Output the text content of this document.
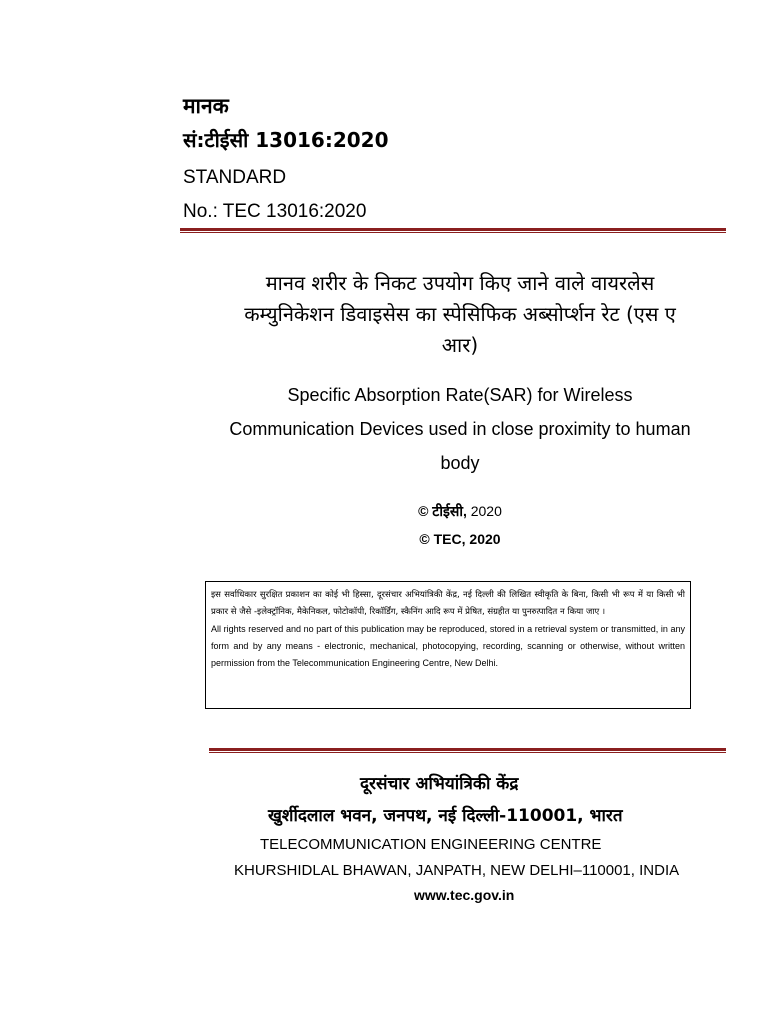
मानक
सं:टीईसी 13016:2020
STANDARD
No.: TEC 13016:2020
मानव शरीर के निकट उपयोग किए जाने वाले वायरलेस
कम्युनिकेशन डिवाइसेस का स्पेसिफिक अब्सोर्प्शन रेट (एस ए
आर)
Specific Absorption Rate(SAR) for Wireless
Communication Devices used in close proximity to human
body
© टीईसी, 2020
© TEC, 2020

इस सर्वाधिकार सुरक्षित प्रकाशन का कोई भी हिस्सा, दूरसंचार अभियांत्रिकी केंद्र, नई दिल्ली की लिखित स्वीकृति के बिना, किसी भी रूप में या किसी भी प्रकार से जैसे -इलेक्ट्रॉनिक, मैकेनिकल, फोटोकॉपी, रिकॉर्डिंग, स्कैनिंग आदि रूप में प्रेषित, संग्रहीत या पुनरुत्पादित न किया जाए ।

All rights reserved and no part of this publication may be reproduced, stored in a retrieval system or transmitted, in any form and by any means - electronic, mechanical, photocopying, recording, scanning or otherwise, without written permission from the Telecommunication Engineering Centre, New Delhi.

दूरसंचार अभियांत्रिकी केंद्र
खुर्शीदलाल भवन, जनपथ, नई दिल्ली-110001, भारत
TELECOMMUNICATION ENGINEERING CENTRE
KHURSHIDLAL BHAWAN, JANPATH, NEW DELHI–110001, INDIA
www.tec.gov.in
